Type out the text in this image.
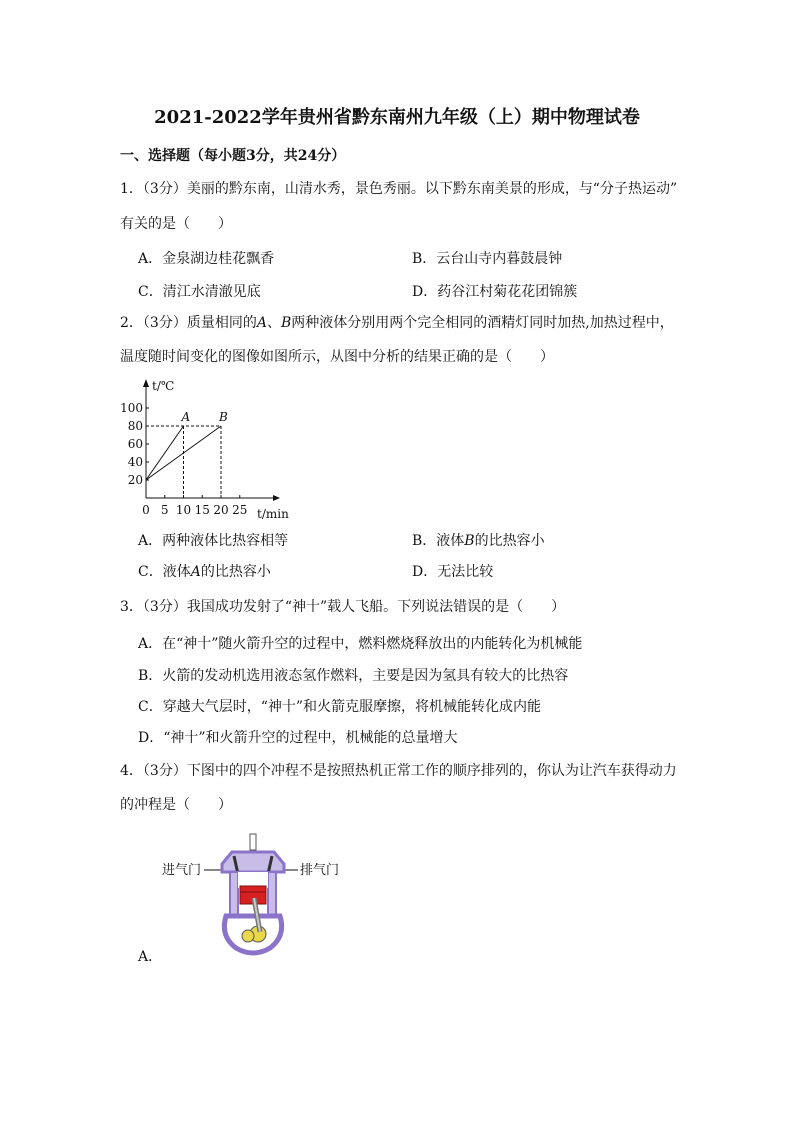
2021-2022学年贵州省黔东南州九年级（上）期中物理试卷
一、选择题（每小题3分，共24分）
1．（3分）美丽的黔东南，山清水秀，景色秀丽。以下黔东南美景的形成，与“分子热运动”
有关的是（　　）
A．金泉湖边桂花飘香	B．云台山寺内暮鼓晨钟
C．清江水清澈见底	D．药谷江村菊花花团锦簇
2．（3分）质量相同的A、B两种液体分别用两个完全相同的酒精灯同时加热,加热过程中，
温度随时间变化的图像如图所示，从图中分析的结果正确的是（　　）
t/℃
t/min
0 5 10 15 20 25
20
40
60
80
100
A B
A．两种液体比热容相等	B．液体B的比热容小
C．液体A的比热容小	D．无法比较
3．（3分）我国成功发射了“神十”载人飞船。下列说法错误的是（　　）
A．在“神十”随火箭升空的过程中，燃料燃烧释放出的内能转化为机械能
B．火箭的发动机选用液态氢作燃料，主要是因为氢具有较大的比热容
C．穿越大气层时，“神十”和火箭克服摩擦，将机械能转化成内能
D．“神十”和火箭升空的过程中，机械能的总量增大
4．（3分）下图中的四个冲程不是按照热机正常工作的顺序排列的，你认为让汽车获得动力
的冲程是（　　）
进气门	排气门
A．
